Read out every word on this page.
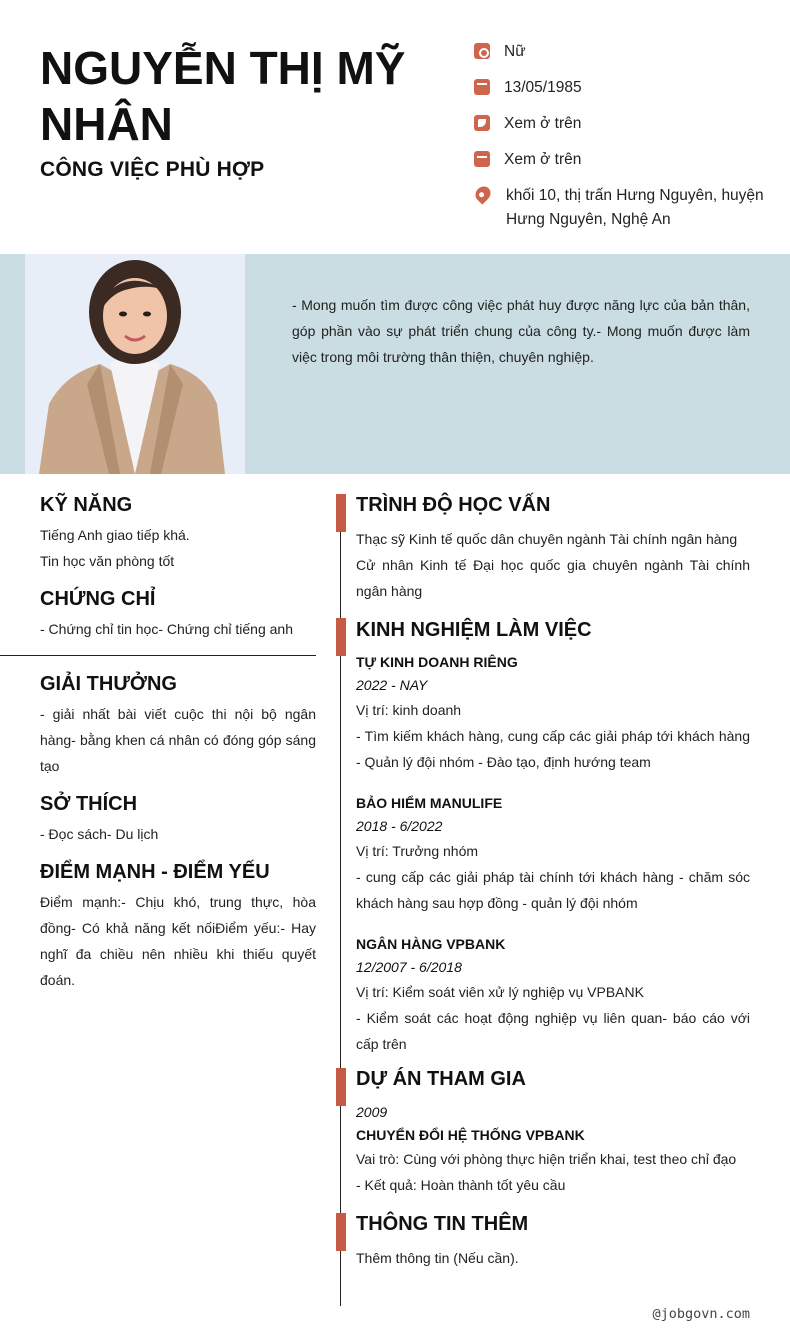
NGUYỄN THỊ MỸ NHÂN
CÔNG VIỆC PHÙ HỢP
Nữ
13/05/1985
Xem ở trên
Xem ở trên
khối 10, thị trấn Hưng Nguyên, huyện Hưng Nguyên, Nghệ An
- Mong muốn tìm được công việc phát huy được năng lực của bản thân, góp phần vào sự phát triển chung của công ty.- Mong muốn được làm việc trong môi trường thân thiện, chuyên nghiệp.
KỸ NĂNG
Tiếng Anh giao tiếp khá.
Tin học văn phòng tốt
CHỨNG CHỈ
- Chứng chỉ tin học- Chứng chỉ tiếng anh
GIẢI THƯỞNG
- giải nhất bài viết cuộc thi nội bộ ngân hàng- bằng khen cá nhân có đóng góp sáng tạo
SỞ THÍCH
- Đọc sách- Du lịch
ĐIỂM MẠNH - ĐIỂM YẾU
Điểm mạnh:- Chịu khó, trung thực, hòa đồng- Có khả năng kết nốiĐiểm yếu:- Hay nghĩ đa chiều nên nhiều khi thiếu quyết đoán.
TRÌNH ĐỘ HỌC VẤN
Thạc sỹ Kinh tế quốc dân chuyên ngành Tài chính ngân hàng
Cử nhân Kinh tế Đại học quốc gia chuyên ngành Tài chính ngân hàng
KINH NGHIỆM LÀM VIỆC
TỰ KINH DOANH RIÊNG
2022 - NAY
Vị trí: kinh doanh
- Tìm kiếm khách hàng, cung cấp các giải pháp tới khách hàng - Quản lý đội nhóm - Đào tạo, định hướng team
BẢO HIỂM MANULIFE
2018 - 6/2022
Vị trí: Trưởng nhóm
- cung cấp các giải pháp tài chính tới khách hàng - chăm sóc khách hàng sau hợp đồng - quản lý đội nhóm
NGÂN HÀNG VPBANK
12/2007 - 6/2018
Vị trí: Kiểm soát viên xử lý nghiệp vụ VPBANK
- Kiểm soát các hoạt động nghiệp vụ liên quan- báo cáo với cấp trên
DỰ ÁN THAM GIA
2009
CHUYỂN ĐỔI HỆ THỐNG VPBANK
Vai trò: Cùng với phòng thực hiện triển khai, test theo chỉ đạo
- Kết quả: Hoàn thành tốt yêu cầu
THÔNG TIN THÊM
Thêm thông tin (Nếu cần).
@jobgovn.com
